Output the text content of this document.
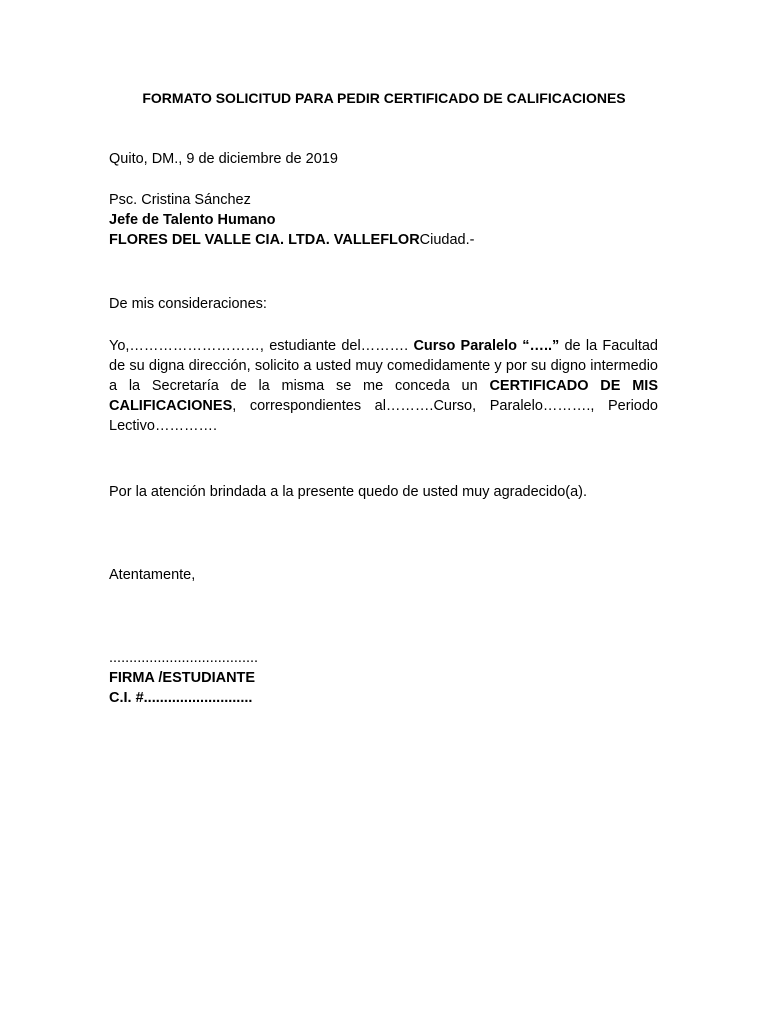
FORMATO SOLICITUD PARA PEDIR CERTIFICADO DE CALIFICACIONES
Quito, DM., 9 de diciembre de 2019
Psc. Cristina Sánchez
Jefe de Talento Humano
FLORES DEL VALLE CIA. LTDA. VALLEFLORCiudad.-
De mis consideraciones:
Yo,………………………, estudiante del………. Curso Paralelo “…..” de la Facultad de su digna dirección, solicito a usted muy comedidamente y por su digno intermedio a la Secretaría de la misma se me conceda un CERTIFICADO DE MIS CALIFICACIONES, correspondientes al……….Curso, Paralelo………., Periodo Lectivo………….
Por la atención brindada a la presente quedo de usted muy agradecido(a).
Atentamente,
.....................................
FIRMA /ESTUDIANTE
C.I. #...........................
